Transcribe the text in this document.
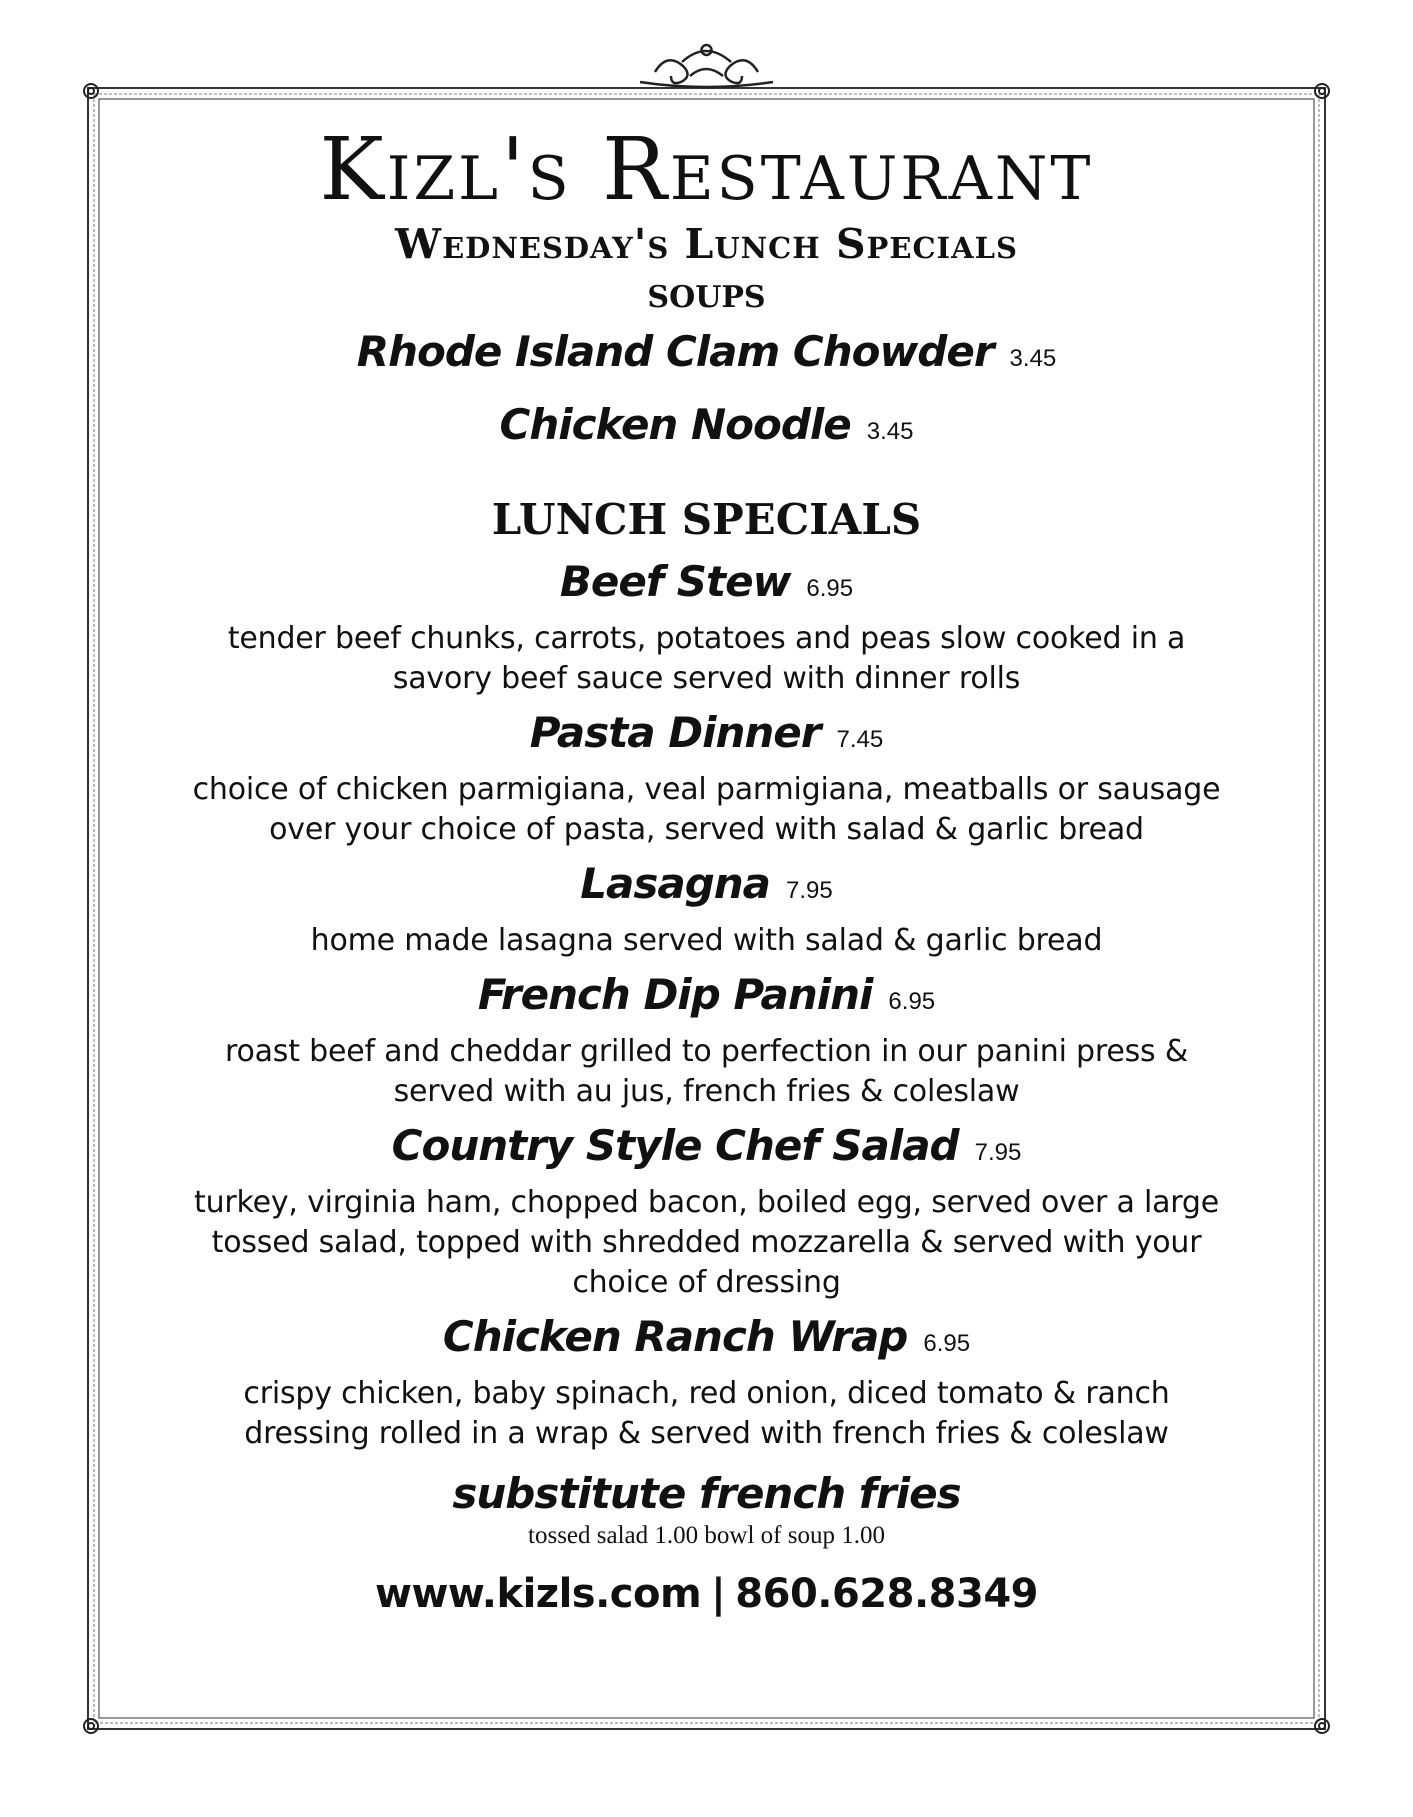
Kizl's Restaurant
Wednesday's Lunch Specials
SOUPS
Rhode Island Clam Chowder 3.45
Chicken Noodle 3.45
LUNCH SPECIALS
Beef Stew 6.95

tender beef chunks, carrots, potatoes and peas slow cooked in a
savory beef sauce served with dinner rolls

Pasta Dinner 7.45

choice of chicken parmigiana, veal parmigiana, meatballs or sausage
over your choice of pasta, served with salad & garlic bread

Lasagna 7.95

home made lasagna served with salad & garlic bread

French Dip Panini 6.95

roast beef and cheddar grilled to perfection in our panini press &
served with au jus, french fries & coleslaw

Country Style Chef Salad 7.95

turkey, virginia ham, chopped bacon, boiled egg, served over a large
tossed salad, topped with shredded mozzarella & served with your
choice of dressing

Chicken Ranch Wrap 6.95

crispy chicken, baby spinach, red onion, diced tomato & ranch
dressing rolled in a wrap & served with french fries & coleslaw

substitute french fries

tossed salad 1.00 bowl of soup 1.00

www.kizls.com | 860.628.8349
